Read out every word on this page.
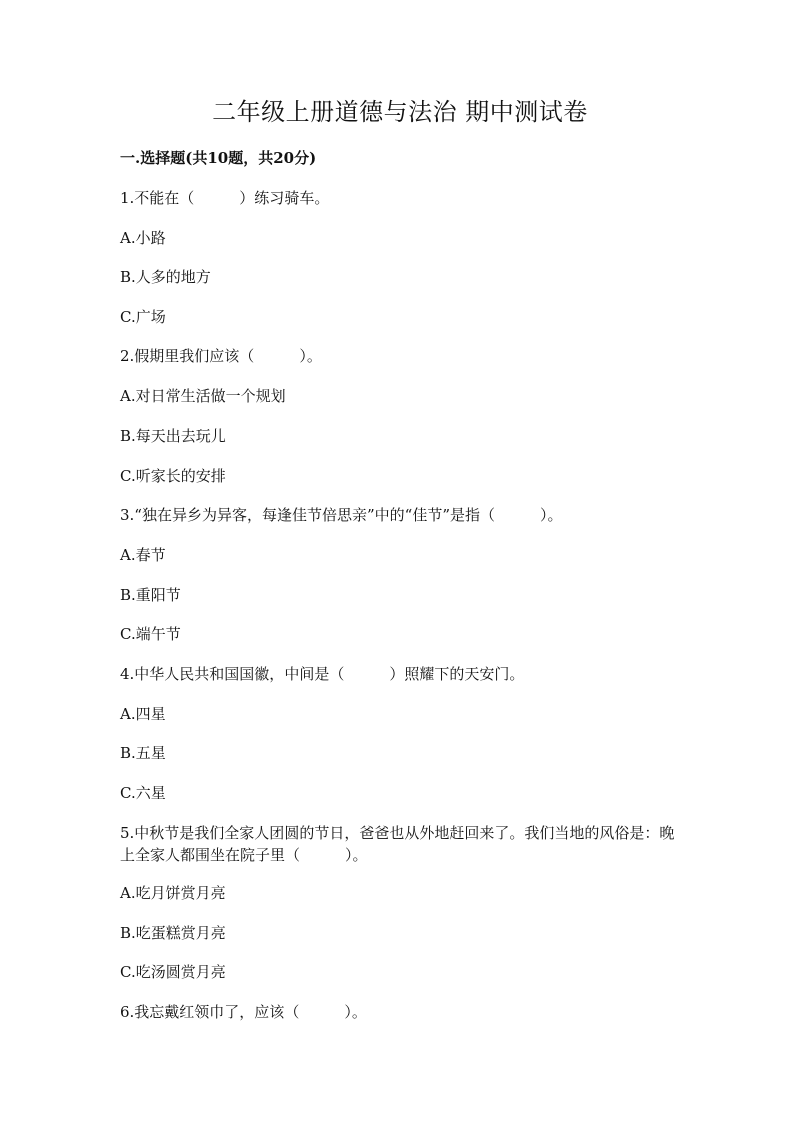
二年级上册道德与法治 期中测试卷
一.选择题(共10题，共20分)
1.不能在（　　　）练习骑车。
A.小路
B.人多的地方
C.广场
2.假期里我们应该（　　　）。
A.对日常生活做一个规划
B.每天出去玩儿
C.听家长的安排
3.“独在异乡为异客，每逢佳节倍思亲”中的“佳节”是指（　　　）。
A.春节
B.重阳节
C.端午节
4.中华人民共和国国徽，中间是（　　　）照耀下的天安门。
A.四星
B.五星
C.六星
5.中秋节是我们全家人团圆的节日，爸爸也从外地赶回来了。我们当地的风俗是：晚上全家人都围坐在院子里（　　　）。
A.吃月饼赏月亮
B.吃蛋糕赏月亮
C.吃汤圆赏月亮
6.我忘戴红领巾了，应该（　　　）。
